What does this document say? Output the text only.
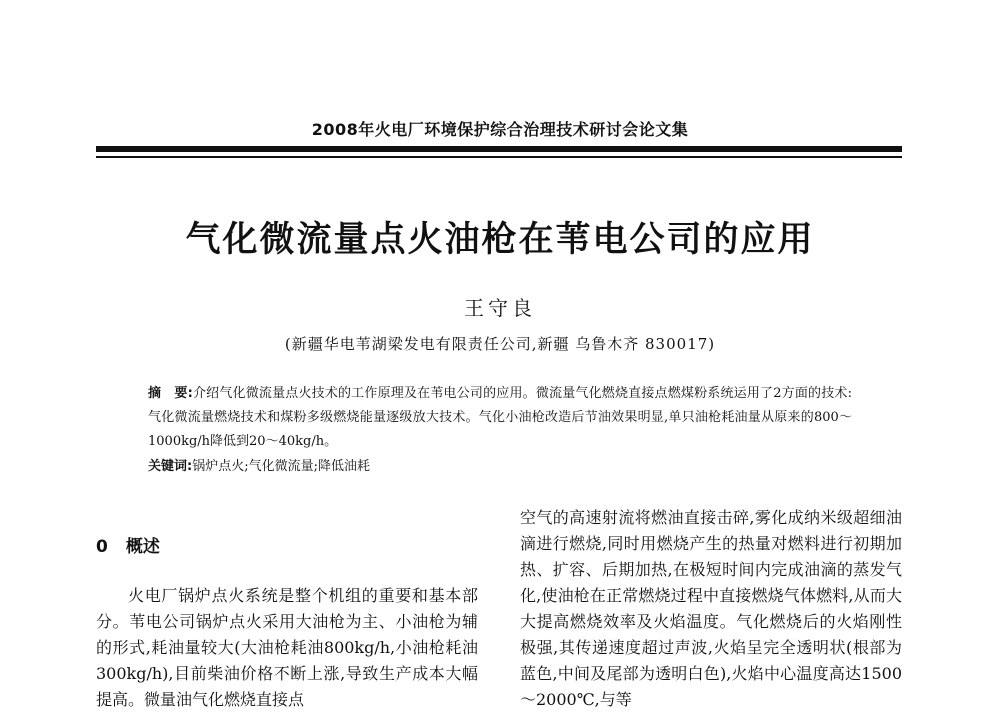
2008年火电厂环境保护综合治理技术研讨会论文集
气化微流量点火油枪在苇电公司的应用
王守良
(新疆华电苇湖梁发电有限责任公司,新疆 乌鲁木齐 830017)
摘　要:介绍气化微流量点火技术的工作原理及在苇电公司的应用。微流量气化燃烧直接点燃煤粉系统运用了2方面的技术:气化微流量燃烧技术和煤粉多级燃烧能量逐级放大技术。气化小油枪改造后节油效果明显,单只油枪耗油量从原来的800～1000kg/h降低到20～40kg/h。
关键词:锅炉点火;气化微流量;降低油耗
0 概述
火电厂锅炉点火系统是整个机组的重要和基本部分。苇电公司锅炉点火采用大油枪为主、小油枪为辅的形式,耗油量较大(大油枪耗油800kg/h,小油枪耗油300kg/h),目前柴油价格不断上涨,导致生产成本大幅提高。微量油气化燃烧直接点
空气的高速射流将燃油直接击碎,雾化成纳米级超细油滴进行燃烧,同时用燃烧产生的热量对燃料进行初期加热、扩容、后期加热,在极短时间内完成油滴的蒸发气化,使油枪在正常燃烧过程中直接燃烧气体燃料,从而大大提高燃烧效率及火焰温度。气化燃烧后的火焰刚性极强,其传递速度超过声波,火焰呈完全透明状(根部为蓝色,中间及尾部为透明白色),火焰中心温度高达1500～2000℃,与等
